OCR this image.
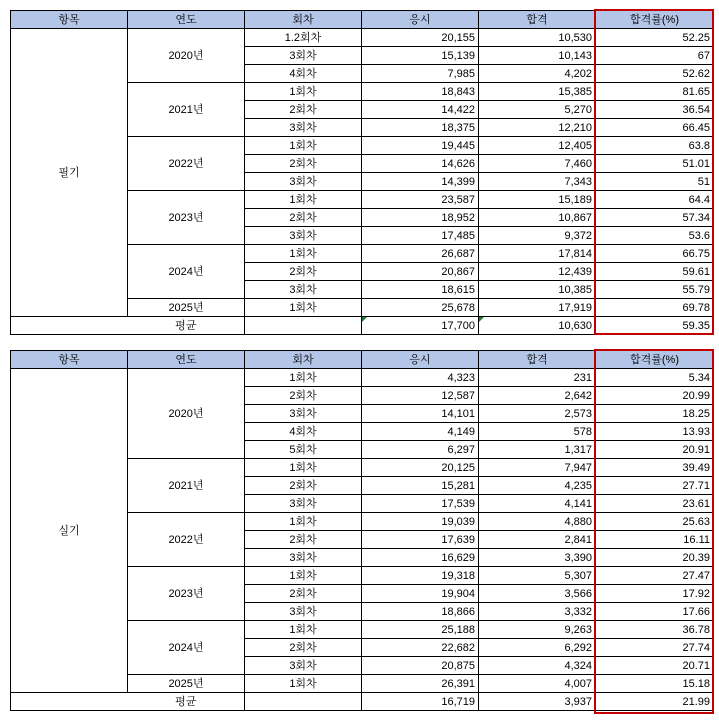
항목	연도	회차	응시	합격	합격률(%)
필기	2020년	1.2회차	20,155	10,530	52.25
		3회차	15,139	10,143	67
		4회차	7,985	4,202	52.62
	2021년	1회차	18,843	15,385	81.65
		2회차	14,422	5,270	36.54
		3회차	18,375	12,210	66.45
	2022년	1회차	19,445	12,405	63.8
		2회차	14,626	7,460	51.01
		3회차	14,399	7,343	51
	2023년	1회차	23,587	15,189	64.4
		2회차	18,952	10,867	57.34
		3회차	17,485	9,372	53.6
	2024년	1회차	26,687	17,814	66.75
		2회차	20,867	12,439	59.61
		3회차	18,615	10,385	55.79
	2025년	1회차	25,678	17,919	69.78
	평균		17,700	10,630	59.35
항목	연도	회차	응시	합격	합격률(%)
실기	2020년	1회차	4,323	231	5.34
		2회차	12,587	2,642	20.99
		3회차	14,101	2,573	18.25
		4회차	4,149	578	13.93
		5회차	6,297	1,317	20.91
	2021년	1회차	20,125	7,947	39.49
		2회차	15,281	4,235	27.71
		3회차	17,539	4,141	23.61
	2022년	1회차	19,039	4,880	25.63
		2회차	17,639	2,841	16.11
		3회차	16,629	3,390	20.39
	2023년	1회차	19,318	5,307	27.47
		2회차	19,904	3,566	17.92
		3회차	18,866	3,332	17.66
	2024년	1회차	25,188	9,263	36.78
		2회차	22,682	6,292	27.74
		3회차	20,875	4,324	20.71
	2025년	1회차	26,391	4,007	15.18
	평균		16,719	3,937	21.99
